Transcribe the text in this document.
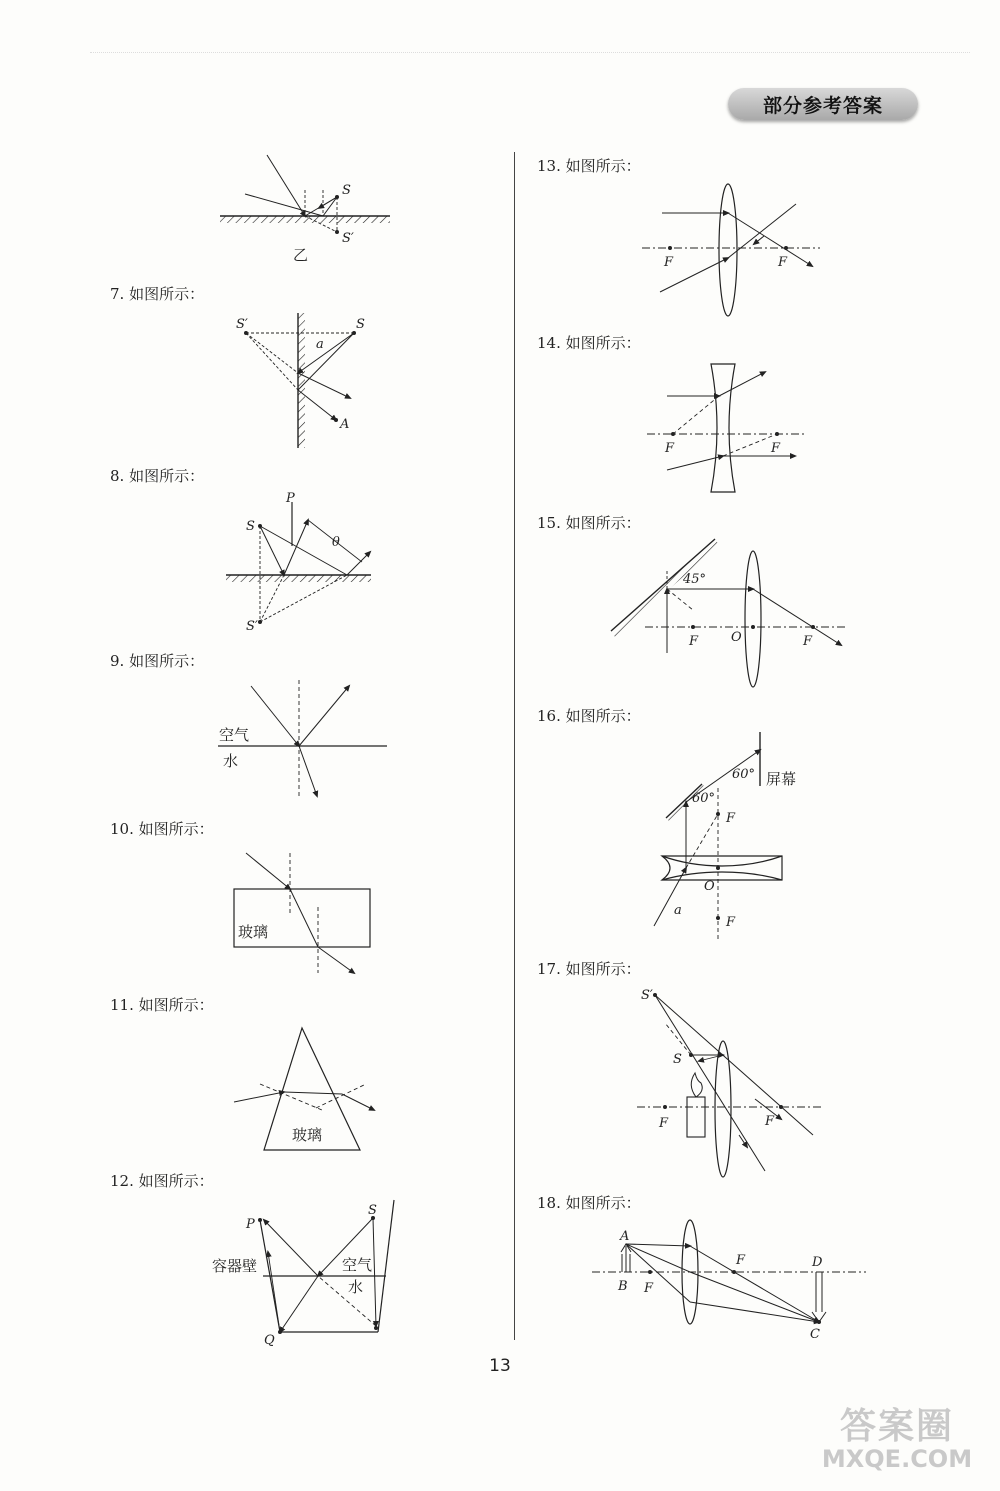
部分参考答案
S
S′
乙
7. 如图所示：
S′	S
a
A
8. 如图所示：
P
S
θ
S′
9. 如图所示：
空气
水
10. 如图所示：
玻璃
11. 如图所示：
玻璃
12. 如图所示：
P
S
Q
容器壁	空气
水
13. 如图所示：
F	F
14. 如图所示：
F	F
15. 如图所示：
45°
F	O	F
16. 如图所示：
60°
60° 屏幕
F
O
a
F
17. 如图所示：
S′
S
F	F
18. 如图所示：
A
B F
F	D
C
13
答案圈
MXQE.COM
